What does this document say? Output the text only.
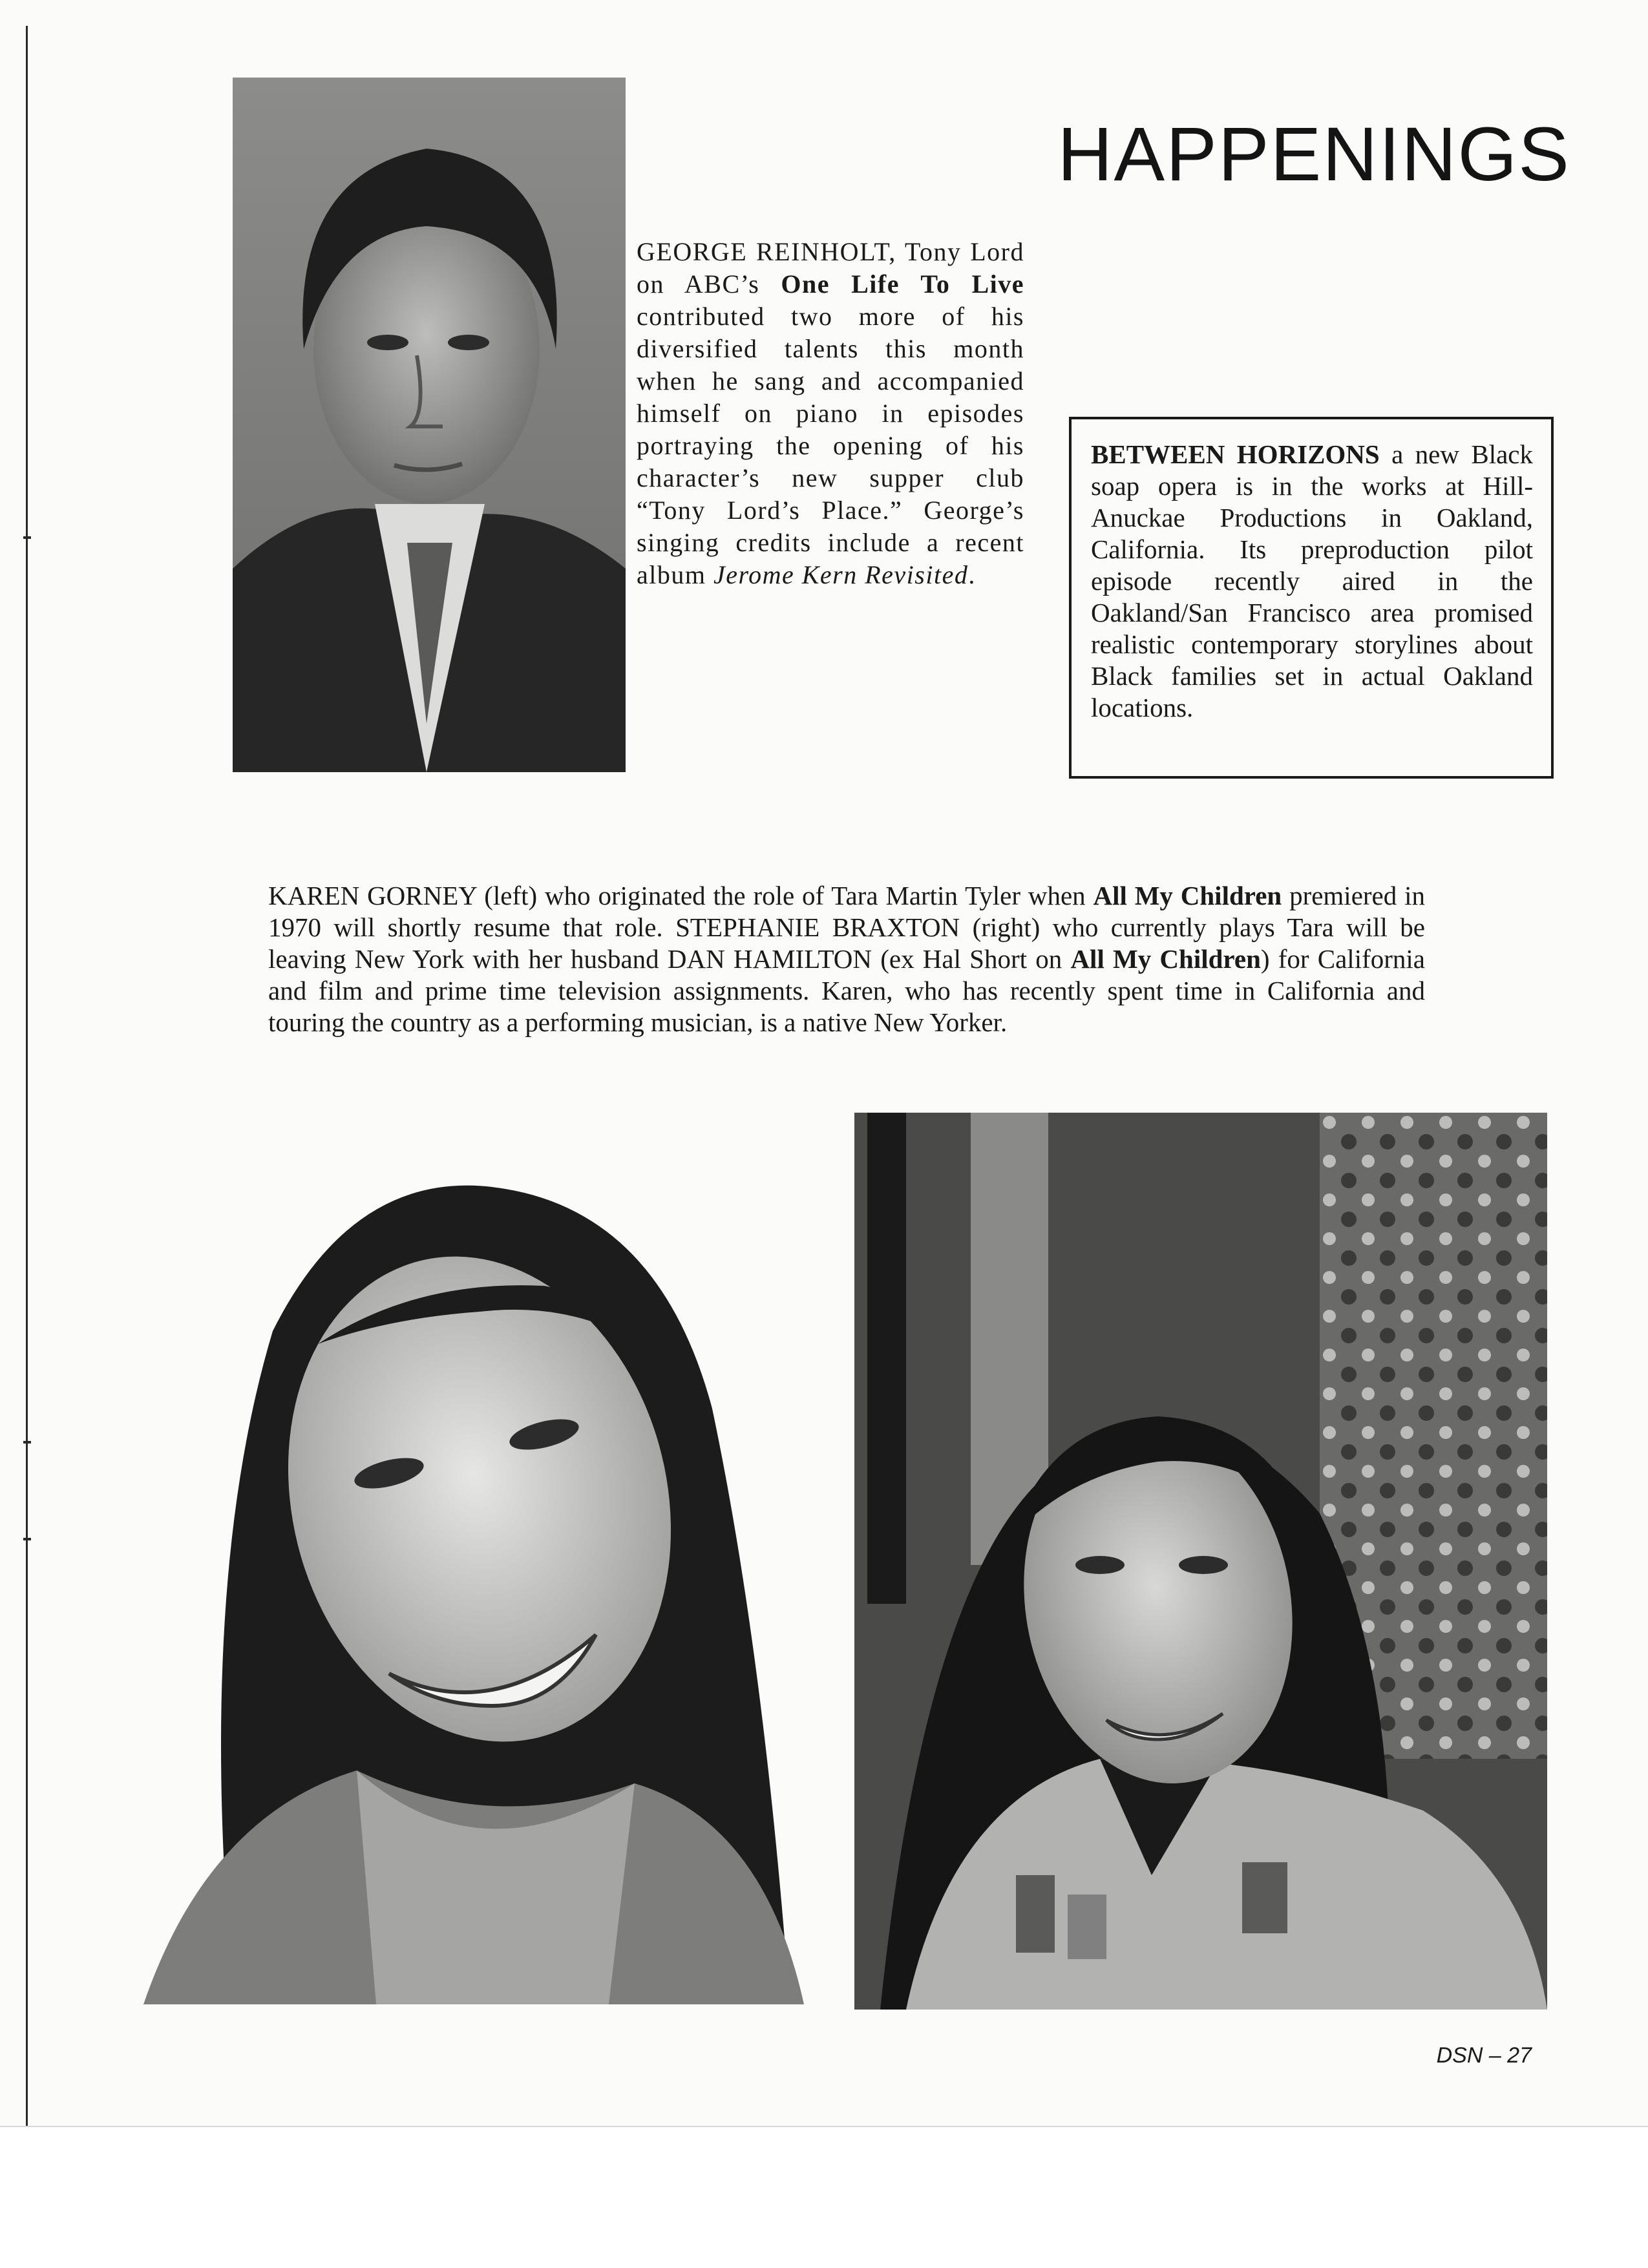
HAPPENINGS
GEORGE REINHOLT, Tony Lord on ABC’s One Life To Live contributed two more of his diversified talents this month when he sang and accompanied himself on piano in episodes portraying the opening of his character’s new supper club “Tony Lord’s Place.” George’s singing credits include a recent album Jerome Kern Revisited.
BETWEEN HORIZONS a new Black soap opera is in the works at Hill-Anuckae Productions in Oakland, California. Its preproduction pilot episode recently aired in the Oakland/San Francisco area promised realistic contemporary storylines about Black families set in actual Oakland locations.
KAREN GORNEY (left) who originated the role of Tara Martin Tyler when All My Children premiered in 1970 will shortly resume that role. STEPHANIE BRAXTON (right) who currently plays Tara will be leaving New York with her husband DAN HAMILTON (ex Hal Short on All My Children) for California and film and prime time television assignments. Karen, who has recently spent time in California and touring the country as a performing musician, is a native New Yorker.
DSN – 27
